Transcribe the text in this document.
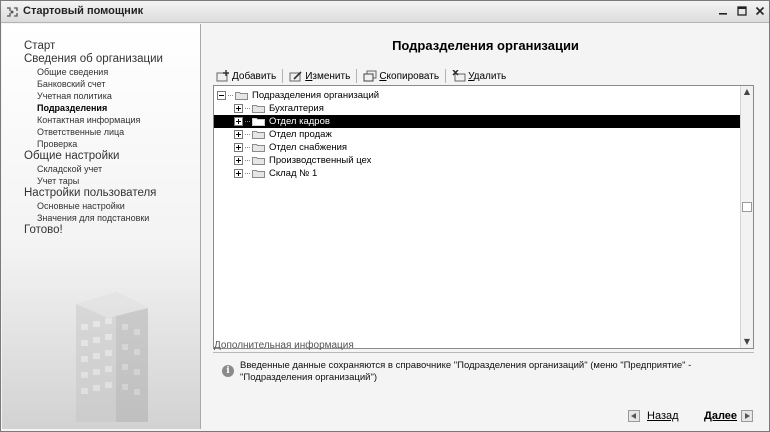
Стартовый помощник
Старт
Сведения об организации
Общие сведения
Банковский счет
Учетная политика
Подразделения
Контактная информация
Ответственные лица
Проверка
Общие настройки
Складской учет
Учет тары
Настройки пользователя
Основные настройки
Значения для подстановки
Готово!
Подразделения организации
Добавить	Изменить	Скопировать	Удалить
Подразделения организаций
Бухгалтерия
Отдел кадров
Отдел продаж
Отдел снабжения
Производственный цех
Склад № 1
▲
▼
Дополнительная информация
i	Введенные данные сохраняются в справочнике "Подразделения организаций" (меню "Предприятие" - "Подразделения организаций")
Назад Далее
